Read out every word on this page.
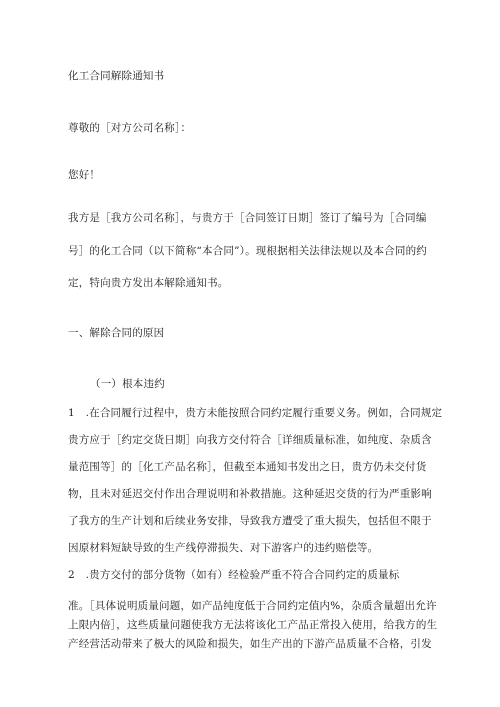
化工合同解除通知书

尊敬的［对方公司名称］：

您好！

我方是［我方公司名称］，与贵方于［合同签订日期］签订了编号为［合同编

号］的化工合同（以下简称“本合同”）。现根据相关法律法规以及本合同的约

定，特向贵方发出本解除通知书。

一、解除合同的原因

（一）根本违约

1　.在合同履行过程中，贵方未能按照合同约定履行重要义务。例如，合同规定

贵方应于［约定交货日期］向我方交付符合［详细质量标准，如纯度、杂质含

量范围等］的［化工产品名称］，但截至本通知书发出之日，贵方仍未交付货

物，且未对延迟交付作出合理说明和补救措施。这种延迟交货的行为严重影响

了我方的生产计划和后续业务安排，导致我方遭受了重大损失，包括但不限于

因原材料短缺导致的生产线停滞损失、对下游客户的违约赔偿等。

2　.贵方交付的部分货物（如有）经检验严重不符合合同约定的质量标

准。［具体说明质量问题，如产品纯度低于合同约定值内%，杂质含量超出允许

上限内倍］，这些质量问题使我方无法将该化工产品正常投入使用，给我方的生

产经营活动带来了极大的风险和损失，如生产出的下游产品质量不合格，引发
